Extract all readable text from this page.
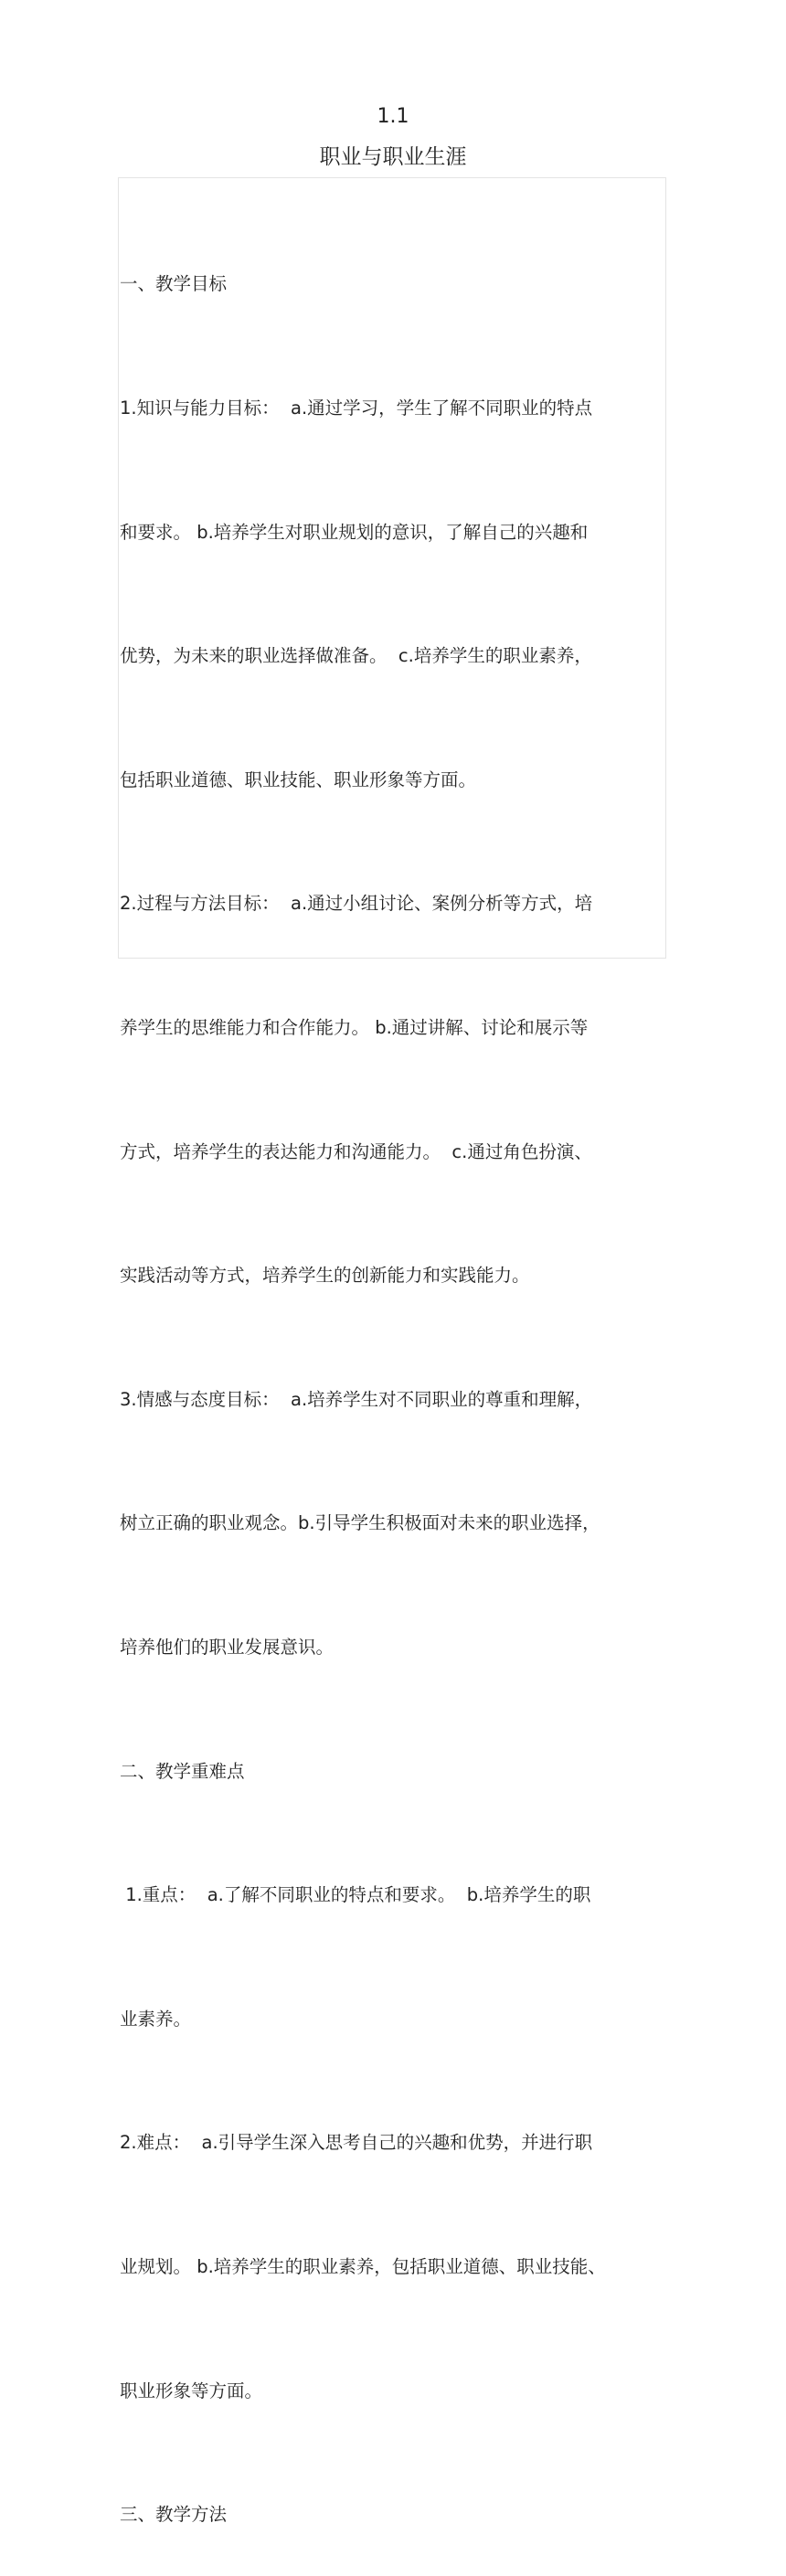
1.1
职业与职业生涯

一、教学目标

1.知识与能力目标：  a.通过学习，学生了解不同职业的特点

和要求。 b.培养学生对职业规划的意识，了解自己的兴趣和

优势，为未来的职业选择做准备。  c.培养学生的职业素养，

包括职业道德、职业技能、职业形象等方面。

2.过程与方法目标：  a.通过小组讨论、案例分析等方式，培

养学生的思维能力和合作能力。 b.通过讲解、讨论和展示等

方式，培养学生的表达能力和沟通能力。  c.通过角色扮演、

实践活动等方式，培养学生的创新能力和实践能力。

3.情感与态度目标：  a.培养学生对不同职业的尊重和理解，

树立正确的职业观念。b.引导学生积极面对未来的职业选择，

培养他们的职业发展意识。

二、教学重难点

1.重点：  a.了解不同职业的特点和要求。  b.培养学生的职

业素养。

2.难点：  a.引导学生深入思考自己的兴趣和优势，并进行职

业规划。 b.培养学生的职业素养，包括职业道德、职业技能、

职业形象等方面。

三、教学方法
